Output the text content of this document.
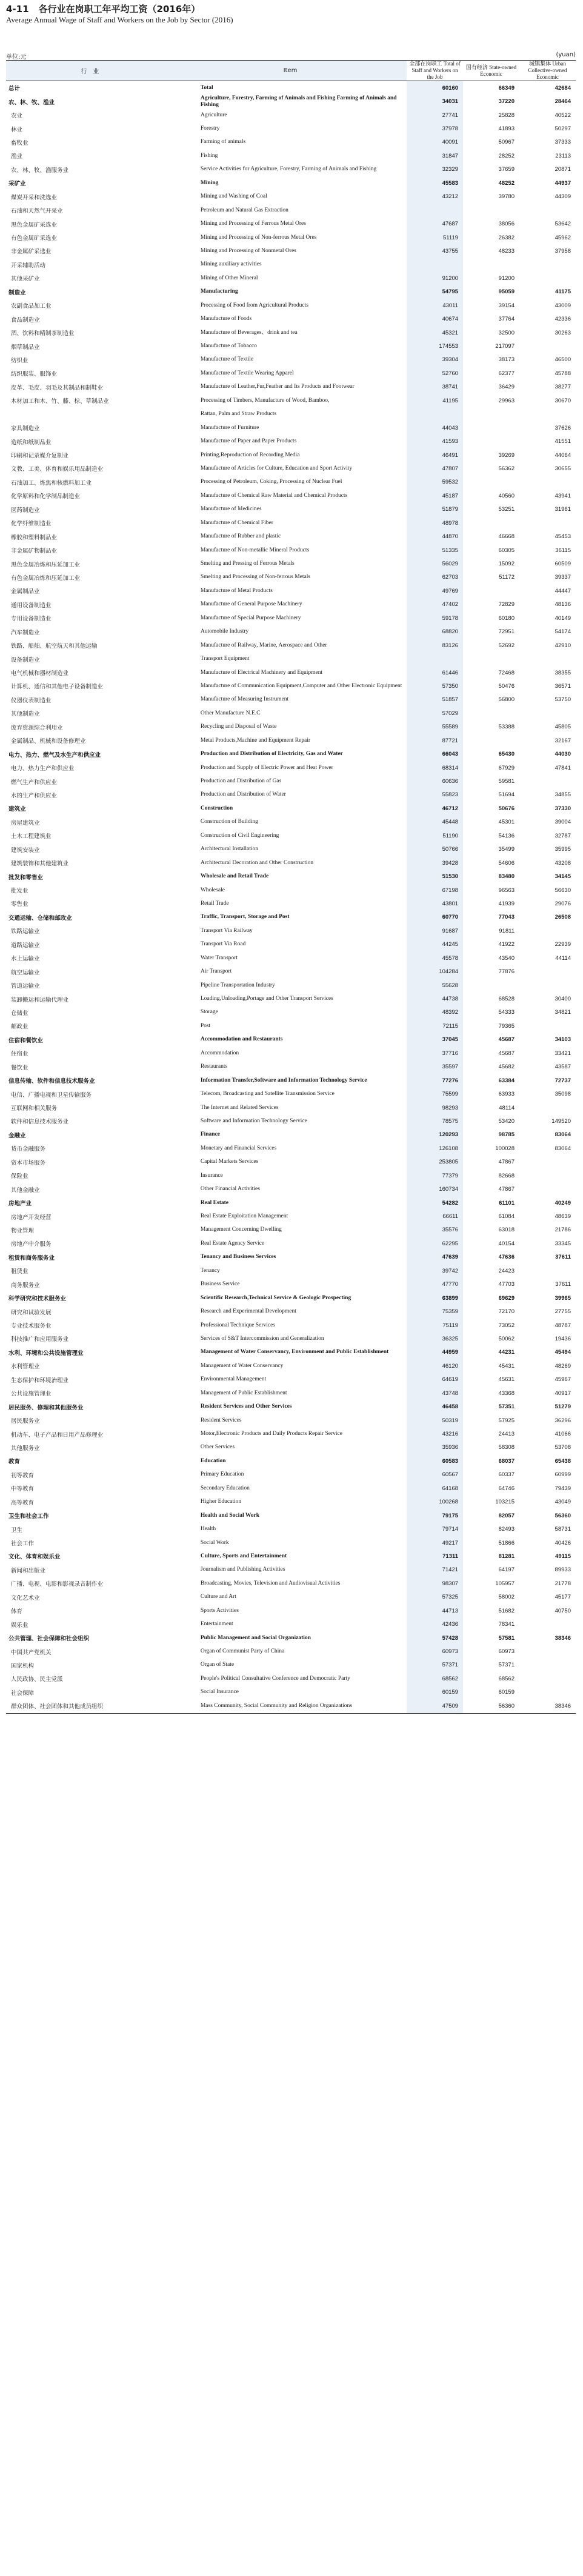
4-11 各行业在岗职工年平均工资（2016年）
Average Annual Wage of Staff and Workers on the Job by Sector (2016)
单位:元	(yuan)
行　业	Item	全部在岗职工 Total of Staff and Workers on the Job	国有经济 State-owned Economic	城镇集体 Urban Collective-owned Economic

总计	Total	60160	66349	42684
农、林、牧、渔业	Agriculture, Forestry, Farming of Animals and Fishing Farming of Animals and Fishing	34031	37220	28464
农业	Agriculture	27741	25828	40522
林业	Forestry	37978	41893	50297
畜牧业	Farming of animals	40091	50967	37333
渔业	Fishing	31847	28252	23113
农、林、牧、渔服务业	Service Activities for Agriculture, Forestry, Farming of Animals and Fishing	32329	37659	20871
采矿业	Mining	45583	48252	44937
煤炭开采和洗选业	Mining and Washing of Coal	43212	39780	44309
石油和天然气开采业	Petroleum and Natural Gas Extraction			
黑色金属矿采选业	Mining and Processing of Ferrous Metal Ores	47687	38056	53642
有色金属矿采选业	Mining and Processing of Non-ferrous Metal Ores	51119	26382	45962
非金属矿采选业	Mining and Processing of Nonmetal Ores	43755	48233	37958
开采辅助活动	Mining auxiliary activities			
其他采矿业	Mining of Other Mineral	91200	91200	
制造业	Manufacturing	54795	95059	41175
农副食品加工业	Processing of Food from Agricultural Products	43011	39154	43009
食品制造业	Manufacture of Foods	40674	37764	42336
酒、饮料和精制茶制造业	Manufacture of Beverages、drink and tea	45321	32500	30263
烟草制品业	Manufacture of Tobacco	174553	217097	
纺织业	Manufacture of Textile	39304	38173	46500
纺织服装、服饰业	Manufacture of Textile Wearing Apparel	52760	62377	45788
皮革、毛皮、羽毛及其制品和制鞋业	Manufacture of Leather,Fur,Feather and Its Products and Footwear	38741	36429	38277
木材加工和木、竹、藤、棕、草制品业	Processing of Timbers, Manufacture of Wood, Bamboo,	41195	29963	30670
	Rattan, Palm and Straw Products			
家具制造业	Manufacture of Furniture	44043		37626
造纸和纸制品业	Manufacture of Paper and Paper Products	41593		41551
印刷和记录媒介复制业	Printing,Reproduction of Recording Media	46491	39269	44064
文教、工美、体育和娱乐用品制造业	Manufacture of Articles for Culture, Education and Sport Activity	47807	56362	30655
石油加工、炼焦和核燃料加工业	Processing of Petroleum, Coking, Processing of Nuclear Fuel	59532		
化学原料和化学制品制造业	Manufacture of Chemical Raw Material and Chemical Products	45187	40560	43941
医药制造业	Manufacture of Medicines	51879	53251	31961
化学纤维制造业	Manufacture of Chemical Fiber	48978		
橡胶和塑料制品业	Manufacture of Rubber and plastic	44870	46668	45453
非金属矿物制品业	Manufacture of Non-metallic Mineral Products	51335	60305	36115
黑色金属冶炼和压延加工业	Smelting and Pressing of Ferrous Metals	56029	15092	60509
有色金属冶炼和压延加工业	Smelting and Processing of Non-ferrous Metals	62703	51172	39337
金属制品业	Manufacture of Metal Products	49769		44447
通用设备制造业	Manufacture of General Purpose Machinery	47402	72829	48136
专用设备制造业	Manufacture of Special Purpose Machinery	59178	60180	40149
汽车制造业	Automobile Industry	68820	72951	54174
铁路、船舶、航空航天和其他运输	Manufacture of Railway, Marine, Aerospace and Other	83126	52692	42910
设备制造业	Transport Equipment			
电气机械和器材制造业	Manufacture of Electrical Machinery and Equipment	61446	72468	38355
计算机、通信和其他电子设备制造业	Manufacture of Communication Equipment,Computer and Other Electronic Equipment	57350	50476	36571
仪器仪表制造业	Manufacture of Measuring Instrument	51857	56800	53750
其他制造业	Other Manufacture N.E.C	57029		
废弃资源综合利用业	Recycling and Disposal of Waste	55589	53388	45805
金属制品、机械和设备修理业	Metal Products,Machine and Equipment Repair	87721		32167
电力、热力、燃气及水生产和供应业	Production and Distribution of Electricity, Gas and Water	66043	65430	44030
电力、热力生产和供应业	Production and Supply of Electric Power and Heat Power	68314	67929	47841
燃气生产和供应业	Production and Distribution of Gas	60636	59581	
水的生产和供应业	Production and Distribution of Water	55823	51694	34855
建筑业	Construction	46712	50676	37330
房屋建筑业	Construction of Building	45448	45301	39004
土木工程建筑业	Construction of Civil Engineering	51190	54136	32787
建筑安装业	Architectural Installation	50766	35499	35995
建筑装饰和其他建筑业	Architectural Decoration and Other Construction	39428	54606	43208
批发和零售业	Wholesale and Retail Trade	51530	83480	34145
批发业	Wholesale	67198	96563	56630
零售业	Retail Trade	43801	41939	29076
交通运输、仓储和邮政业	Traffic, Transport, Storage and Post	60770	77043	26508
铁路运输业	Transport Via Railway	91687	91811	
道路运输业	Transport Via Road	44245	41922	22939
水上运输业	Water Transport	45578	43540	44114
航空运输业	Air Transport	104284	77876	
管道运输业	Pipeline Transportation Industry	55628		
装卸搬运和运输代理业	Loading,Unloading,Portage and Other Transport Services	44738	68528	30400
仓储业	Storage	48392	54333	34821
邮政业	Post	72115	79365	
住宿和餐饮业	Accommodation and Restaurants	37045	45687	34103
住宿业	Accommodation	37716	45687	33421
餐饮业	Restaurants	35597	45682	43587
信息传输、软件和信息技术服务业	Information Transfer,Software and Information Technology Service	77276	63384	72737
电信、广播电视和卫星传输服务	Telecom, Broadcasting and Satellite Transmission Service	75599	63933	35098
互联网和相关服务	The Internet and Related Services	98293	48114	
软件和信息技术服务业	Software and Information Technology Service	78575	53420	149520
金融业	Finance	120293	98785	83064
货币金融服务	Monetary and Financial Services	126108	100028	83064
资本市场服务	Capital Markets Services	253805	47867	
保险业	Insurance	77379	82668	
其他金融业	Other Financial Activities	160734	47867	
房地产业	Real Estate	54282	61101	40249
房地产开发经营	Real Estate Exploitation Management	66611	61084	48639
物业管理	Management Concerning Dwelling	35576	63018	21786
房地产中介服务	Real Estate Agency Service	62295	40154	33345
租赁和商务服务业	Tenancy and Business Services	47639	47636	37611
租赁业	Tenancy	39742	24423	
商务服务业	Business Service	47770	47703	37611
科学研究和技术服务业	Scientific Research,Technical Service & Geologic Prospecting	63899	69629	39965
研究和试验发展	Research and Experimental Development	75359	72170	27755
专业技术服务业	Professional Technique Services	75119	73052	48787
科技推广和应用服务业	Services of S&T Intercommission and Generalization	36325	50062	19436
水利、环境和公共设施管理业	Management of Water Conservancy, Environment and Public Establishment	44959	44231	45494
水利管理业	Management of Water Conservancy	46120	45431	48269
生态保护和环境治理业	Environmental Management	64619	45631	45967
公共设施管理业	Management of Public Establishment	43748	43368	40917
居民服务、修理和其他服务业	Resident Services and Other Services	46458	57351	51279
居民服务业	Resident Services	50319	57925	36296
机动车、电子产品和日用产品修理业	Motor,Electronic Products and Daily Products Repair Service	43216	24413	41066
其他服务业	Other Services	35936	58308	53708
教育	Education	60583	68037	65438
初等教育	Primary Education	60567	60337	60999
中等教育	Secondary Education	64168	64746	79439
高等教育	Higher Education	100268	103215	43049
卫生和社会工作	Health and Social Work	79175	82057	56360
卫生	Health	79714	82493	58731
社会工作	Social Work	49217	51866	40426
文化、体育和娱乐业	Culture, Sports and Entertainment	71311	81281	49115
新闻和出版业	Journalism and Publishing Activities	71421	64197	89933
广播、电视、电影和影视录音制作业	Broadcasting, Movies, Television and Audiovisual Activities	98307	105957	21778
文化艺术业	Culture and Art	57325	58002	45177
体育	Sports Activities	44713	51682	40750
娱乐业	Entertainment	42436	78341	
公共管理、社会保障和社会组织	Public Management and Social Organization	57428	57581	38346
中国共产党机关	Organ of Communist Party of China	60973	60973	
国家机构	Organ of State	57371	57371	
人民政协、民主党派	People's Political Consultative Conference and Democratic Party	68562	68562	
社会保障	Social Insurance	60159	60159	
群众团体、社会团体和其他成员组织	Mass Community, Social Community and Religion Organizations	47509	56360	38346
